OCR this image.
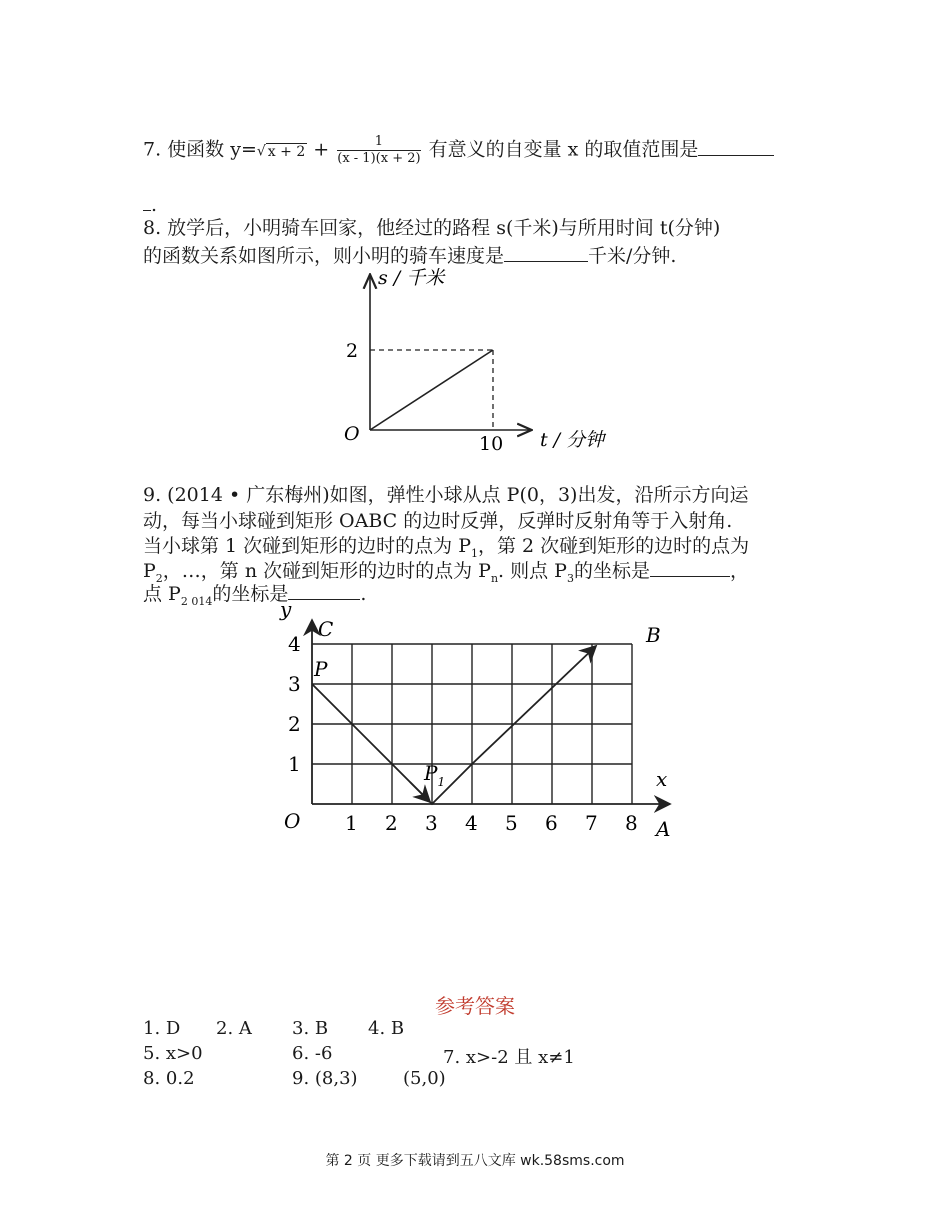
7. 使函数 y=√ $x + 2 + \frac{1}{(x - 1)(x + 2)}$ 有意义的自变量 x 的取值范围是
.
8. 放学后，小明骑车回家，他经过的路程 s(千米)与所用时间 t(分钟)
的函数关系如图所示，则小明的骑车速度是	千米/分钟.
s / 千米
t / 分钟
O
2
10
9. (2014 • 广东梅州)如图，弹性小球从点 P(0，3)出发，沿所示方向运
动，每当小球碰到矩形 OABC 的边时反弹，反弹时反射角等于入射角.
当小球第 1 次碰到矩形的边时的点为 $P_1$，第 2 次碰到矩形的边时的点为
$P_2$，…，第 n 次碰到矩形的边时的点为 $P_n$. 则点 $P_3$的坐标是	，
点 $P_{2 014}$的坐标是	.
1 2 3 4 5 6 7 8
1
2
3
4
y
x
O
C	B
A
P
$P_1$
参考答案
1. D 2. A 3. B 4. B
5. x>0	6. -6	7. x>-2 且 x≠1
8. 0.2	9. (8,3)	(5,0)
第 2 页 更多下载请到五八文库 wk.58sms.com
